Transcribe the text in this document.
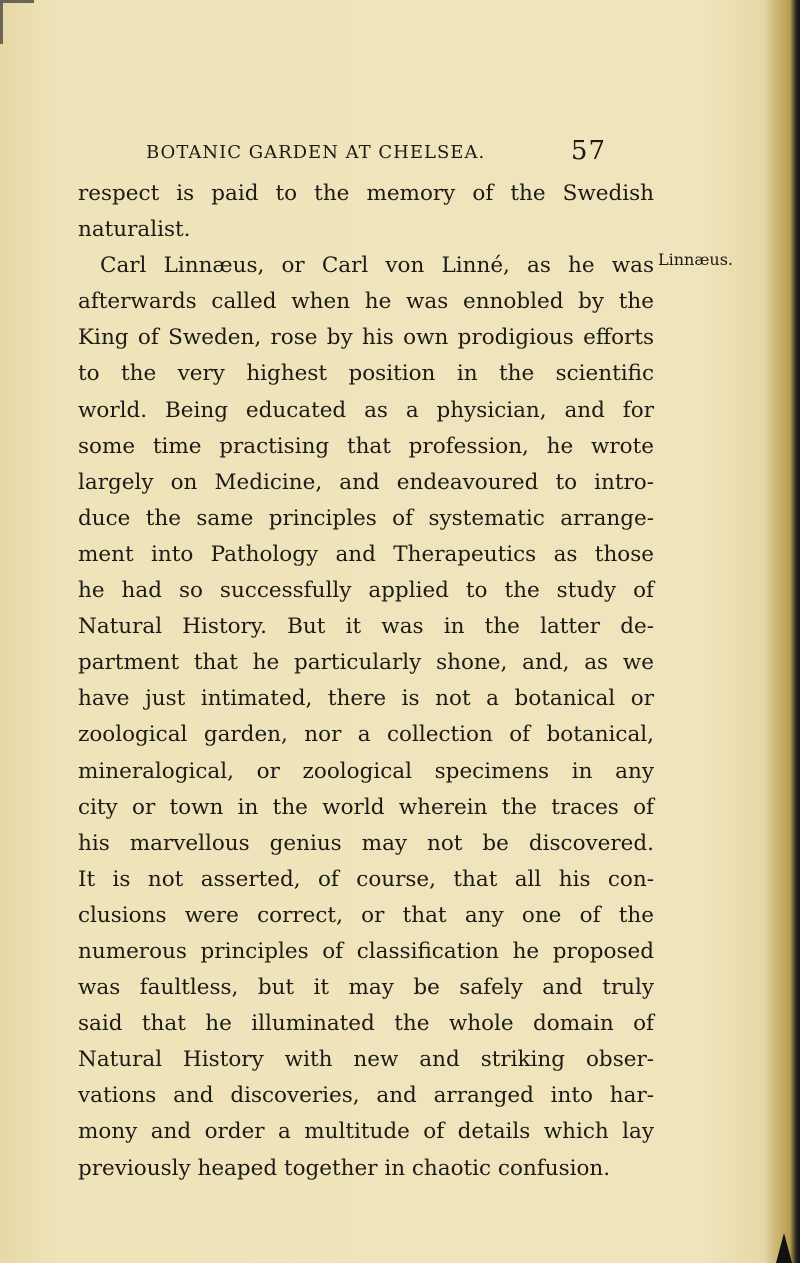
BOTANIC GARDEN AT CHELSEA.	57
Linnæus.
respect is paid to the memory of the Swedish
naturalist.
Carl Linnæus, or Carl von Linné, as he was
afterwards called when he was ennobled by the
King of Sweden, rose by his own prodigious efforts
to the very highest position in the scientific
world. Being educated as a physician, and for
some time practising that profession, he wrote
largely on Medicine, and endeavoured to intro-
duce the same principles of systematic arrange-
ment into Pathology and Therapeutics as those
he had so successfully applied to the study of
Natural History. But it was in the latter de-
partment that he particularly shone, and, as we
have just intimated, there is not a botanical or
zoological garden, nor a collection of botanical,
mineralogical, or zoological specimens in any
city or town in the world wherein the traces of
his marvellous genius may not be discovered.
It is not asserted, of course, that all his con-
clusions were correct, or that any one of the
numerous principles of classification he proposed
was faultless, but it may be safely and truly
said that he illuminated the whole domain of
Natural History with new and striking obser-
vations and discoveries, and arranged into har-
mony and order a multitude of details which lay
previously heaped together in chaotic confusion.
